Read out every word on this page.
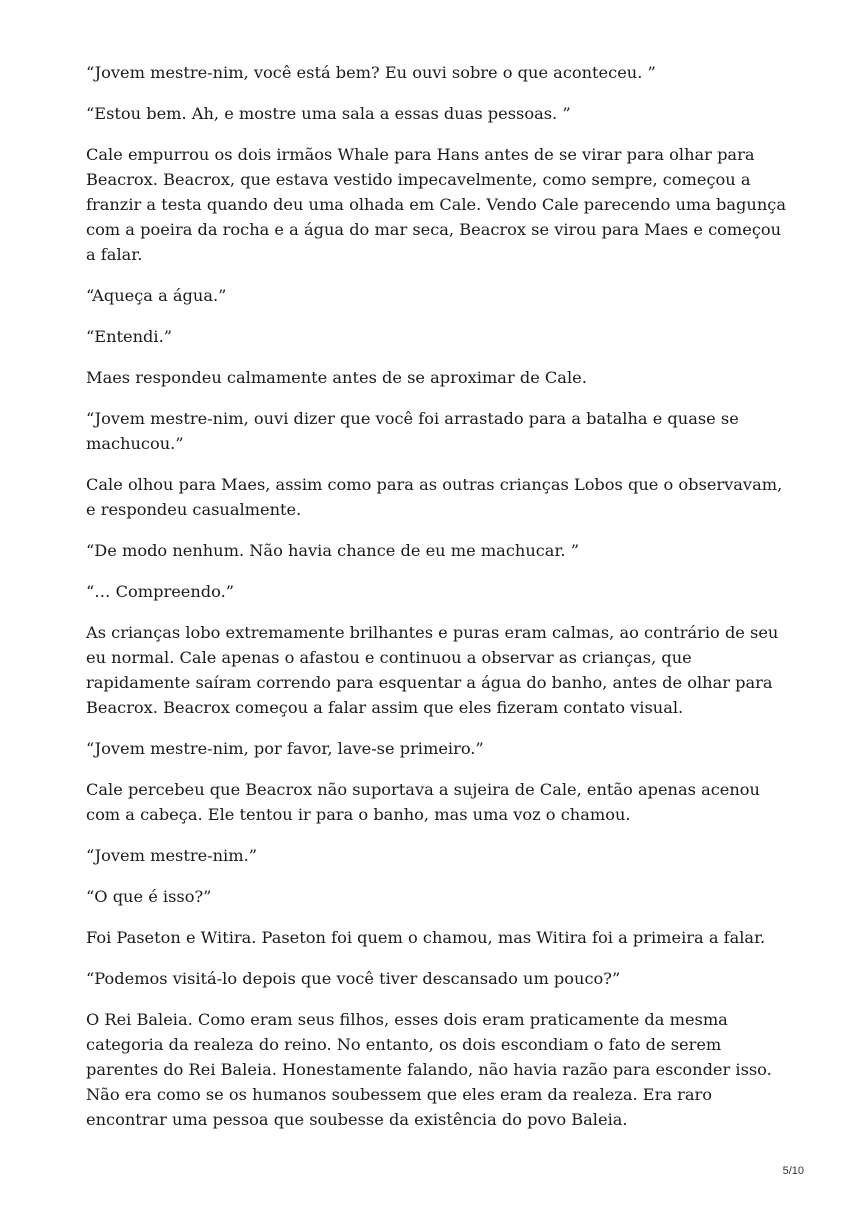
“Jovem mestre-nim, você está bem? Eu ouvi sobre o que aconteceu. ”

“Estou bem. Ah, e mostre uma sala a essas duas pessoas. ”

Cale empurrou os dois irmãos Whale para Hans antes de se virar para olhar para Beacrox. Beacrox, que estava vestido impecavelmente, como sempre, começou a franzir a testa quando deu uma olhada em Cale. Vendo Cale parecendo uma bagunça com a poeira da rocha e a água do mar seca, Beacrox se virou para Maes e começou a falar.

“Aqueça a água.”

“Entendi.”

Maes respondeu calmamente antes de se aproximar de Cale.

“Jovem mestre-nim, ouvi dizer que você foi arrastado para a batalha e quase se machucou.”

Cale olhou para Maes, assim como para as outras crianças Lobos que o observavam, e respondeu casualmente.

“De modo nenhum. Não havia chance de eu me machucar. ”

“… Compreendo.”

As crianças lobo extremamente brilhantes e puras eram calmas, ao contrário de seu eu normal. Cale apenas o afastou e continuou a observar as crianças, que rapidamente saíram correndo para esquentar a água do banho, antes de olhar para Beacrox. Beacrox começou a falar assim que eles fizeram contato visual.

“Jovem mestre-nim, por favor, lave-se primeiro.”

Cale percebeu que Beacrox não suportava a sujeira de Cale, então apenas acenou com a cabeça. Ele tentou ir para o banho, mas uma voz o chamou.

“Jovem mestre-nim.”

“O que é isso?”

Foi Paseton e Witira. Paseton foi quem o chamou, mas Witira foi a primeira a falar.

“Podemos visitá-lo depois que você tiver descansado um pouco?”

O Rei Baleia. Como eram seus filhos, esses dois eram praticamente da mesma categoria da realeza do reino. No entanto, os dois escondiam o fato de serem parentes do Rei Baleia. Honestamente falando, não havia razão para esconder isso. Não era como se os humanos soubessem que eles eram da realeza. Era raro encontrar uma pessoa que soubesse da existência do povo Baleia.

5/10
